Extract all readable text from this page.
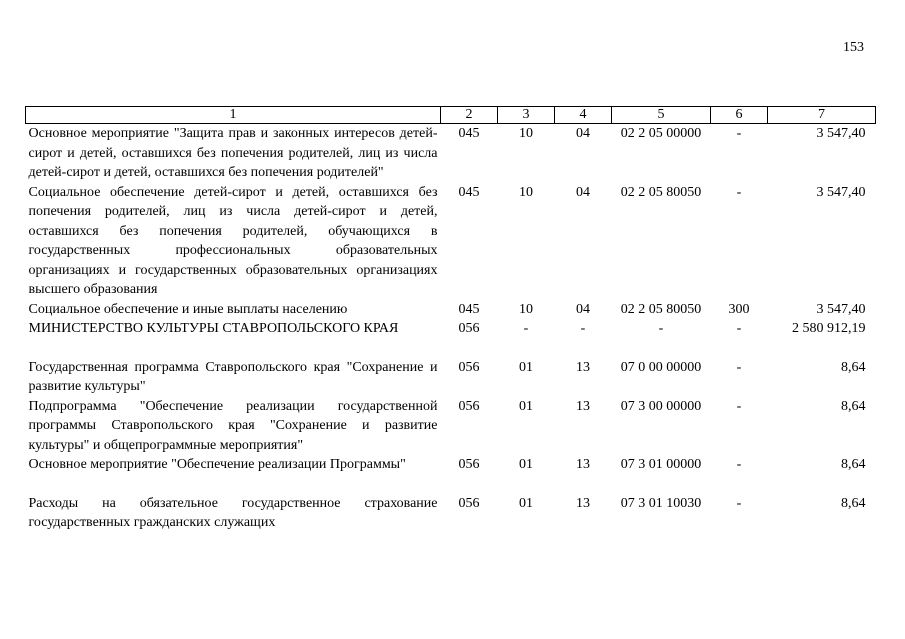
153
1	2	3	4	5	6	7
Основное мероприятие "Защита прав и законных интересов детей-сирот и детей, оставшихся без попечения родителей, лиц из числа детей-сирот и детей, оставшихся без попечения родителей"	045	10	04	02 2 05 00000	-	3 547,40
Социальное обеспечение детей-сирот и детей, оставшихся без попечения родителей, лиц из числа детей-сирот и детей, оставшихся без попечения родителей, обучающихся в государственных профессиональных образовательных организациях и государственных образовательных организациях высшего образования	045	10	04	02 2 05 80050	-	3 547,40
Социальное обеспечение и иные выплаты населению	045	10	04	02 2 05 80050	300	3 547,40
МИНИСТЕРСТВО КУЛЬТУРЫ СТАВРОПОЛЬСКОГО КРАЯ	056	-	-	-	-	2 580 912,19
Государственная программа Ставропольского края "Сохранение и развитие культуры"	056	01	13	07 0 00 00000	-	8,64
Подпрограмма "Обеспечение реализации государственной программы Ставропольского края "Сохранение и развитие культуры" и общепрограммные мероприятия"	056	01	13	07 3 00 00000	-	8,64
Основное мероприятие "Обеспечение реализации Программы"	056	01	13	07 3 01 00000	-	8,64
Расходы на обязательное государственное страхование государственных гражданских служащих	056	01	13	07 3 01 10030	-	8,64
